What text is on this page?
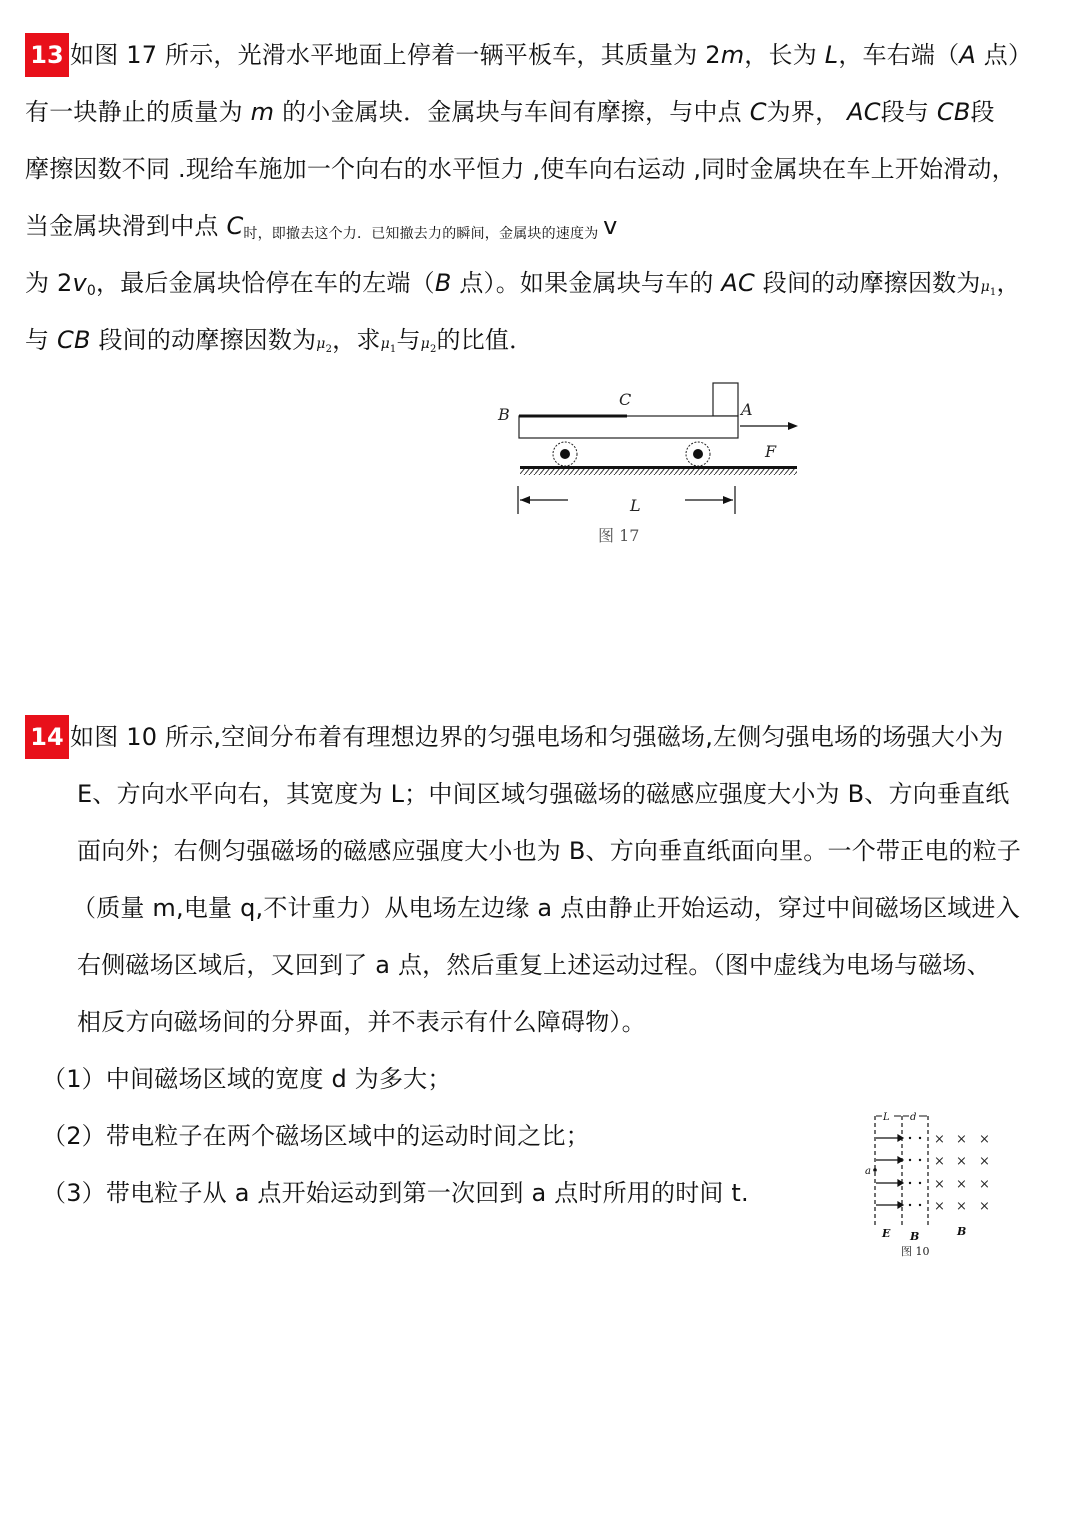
13 如图 17 所示，光滑水平地面上停着一辆平板车，其质量为 2m，长为 L，车右端（A 点）
有一块静止的质量为 m 的小金属块．金属块与车间有摩擦，与中点 C为界， AC段与 CB段
摩擦因数不同 .现给车施加一个向右的水平恒力 ,使车向右运动 ,同时金属块在车上开始滑动，
当金属块滑到中点 $C_{时,即撤去这个力.已知撤去力的瞬间,金属块的速度为}$ v
为 $2v_0$，最后金属块恰停在车的左端（B 点）。如果金属块与车的 AC 段间的动摩擦因数为$\mu_1$，
与 CB 段间的动摩擦因数为$\mu_2$，求$\mu_1$与$\mu_2$的比值．
B
C
A
F
L
图 17
14 如图 10 所示,空间分布着有理想边界的匀强电场和匀强磁场,左侧匀强电场的场强大小为
E、方向水平向右，其宽度为 L；中间区域匀强磁场的磁感应强度大小为 B、方向垂直纸
面向外；右侧匀强磁场的磁感应强度大小也为 B、方向垂直纸面向里。一个带正电的粒子
（质量 m,电量 q,不计重力）从电场左边缘 a 点由静止开始运动，穿过中间磁场区域进入
右侧磁场区域后，又回到了 a 点，然后重复上述运动过程。（图中虚线为电场与磁场、
相反方向磁场间的分界面，并不表示有什么障碍物）。
（1）中间磁场区域的宽度 d 为多大；
（2）带电粒子在两个磁场区域中的运动时间之比；
（3）带电粒子从 a 点开始运动到第一次回到 a 点时所用的时间 t.
L d
a
× × ×
× × ×
× × ×
× × ×
E B	B
图 10
